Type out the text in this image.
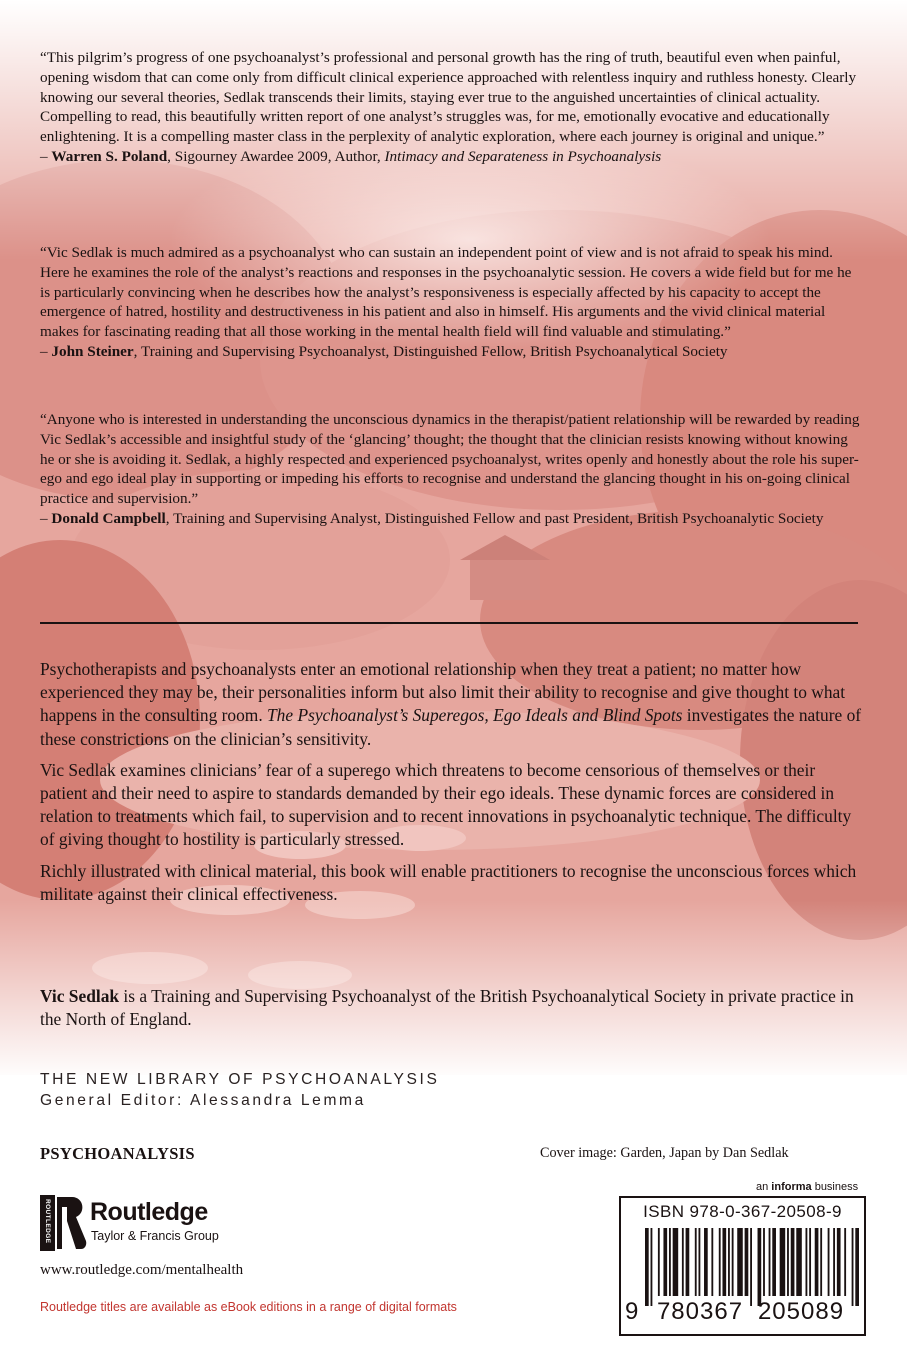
“This pilgrim’s progress of one psychoanalyst’s professional and personal growth has the ring of truth, beautiful even when painful, opening wisdom that can come only from difficult clinical experience approached with relentless inquiry and ruthless honesty. Clearly knowing our several theories, Sedlak transcends their limits, staying ever true to the anguished uncertainties of clinical actuality. Compelling to read, this beautifully written report of one analyst’s struggles was, for me, emotionally evocative and educationally enlightening. It is a compelling master class in the perplexity of analytic exploration, where each journey is original and unique.”

– Warren S. Poland, Sigourney Awardee 2009, Author, Intimacy and Separateness in Psychoanalysis

“Vic Sedlak is much admired as a psychoanalyst who can sustain an independent point of view and is not afraid to speak his mind. Here he examines the role of the analyst’s reactions and responses in the psychoanalytic session. He covers a wide field but for me he is particularly convincing when he describes how the analyst’s responsiveness is especially affected by his capacity to accept the emergence of hatred, hostility and destructiveness in his patient and also in himself. His arguments and the vivid clinical material makes for fascinating reading that all those working in the mental health field will find valuable and stimulating.”

– John Steiner, Training and Supervising Psychoanalyst, Distinguished Fellow, British Psychoanalytical Society

“Anyone who is interested in understanding the unconscious dynamics in the therapist/patient relationship will be rewarded by reading Vic Sedlak’s accessible and insightful study of the ‘glancing’ thought; the thought that the clinician resists knowing without knowing he or she is avoiding it. Sedlak, a highly respected and experienced psychoanalyst, writes openly and honestly about the role his super-ego and ego ideal play in supporting or impeding his efforts to recognise and understand the glancing thought in his on-going clinical practice and supervision.”

– Donald Campbell, Training and Supervising Analyst, Distinguished Fellow and past President, British Psychoanalytic Society

Psychotherapists and psychoanalysts enter an emotional relationship when they treat a patient; no matter how experienced they may be, their personalities inform but also limit their ability to recognise and give thought to what happens in the consulting room. The Psychoanalyst’s Superegos, Ego Ideals and Blind Spots investigates the nature of these constrictions on the clinician’s sensitivity.

Vic Sedlak examines clinicians’ fear of a superego which threatens to become censorious of themselves or their patient and their need to aspire to standards demanded by their ego ideals. These dynamic forces are considered in relation to treatments which fail, to supervision and to recent innovations in psychoanalytic technique. The difficulty of giving thought to hostility is particularly stressed.

Richly illustrated with clinical material, this book will enable practitioners to recognise the unconscious forces which militate against their clinical effectiveness.

Vic Sedlak is a Training and Supervising Psychoanalyst of the British Psychoanalytical Society in private practice in the North of England.

THE NEW LIBRARY OF PSYCHOANALYSIS
General Editor: Alessandra Lemma
PSYCHOANALYSIS	Cover image: Garden, Japan by Dan Sedlak
ROUTLEDGE Routledge
Taylor & Francis Group
www.routledge.com/mentalhealth
Routledge titles are available as eBook editions in a range of digital formats
an informa business
ISBN 978-0-367-20508-9
9 780367 205089
